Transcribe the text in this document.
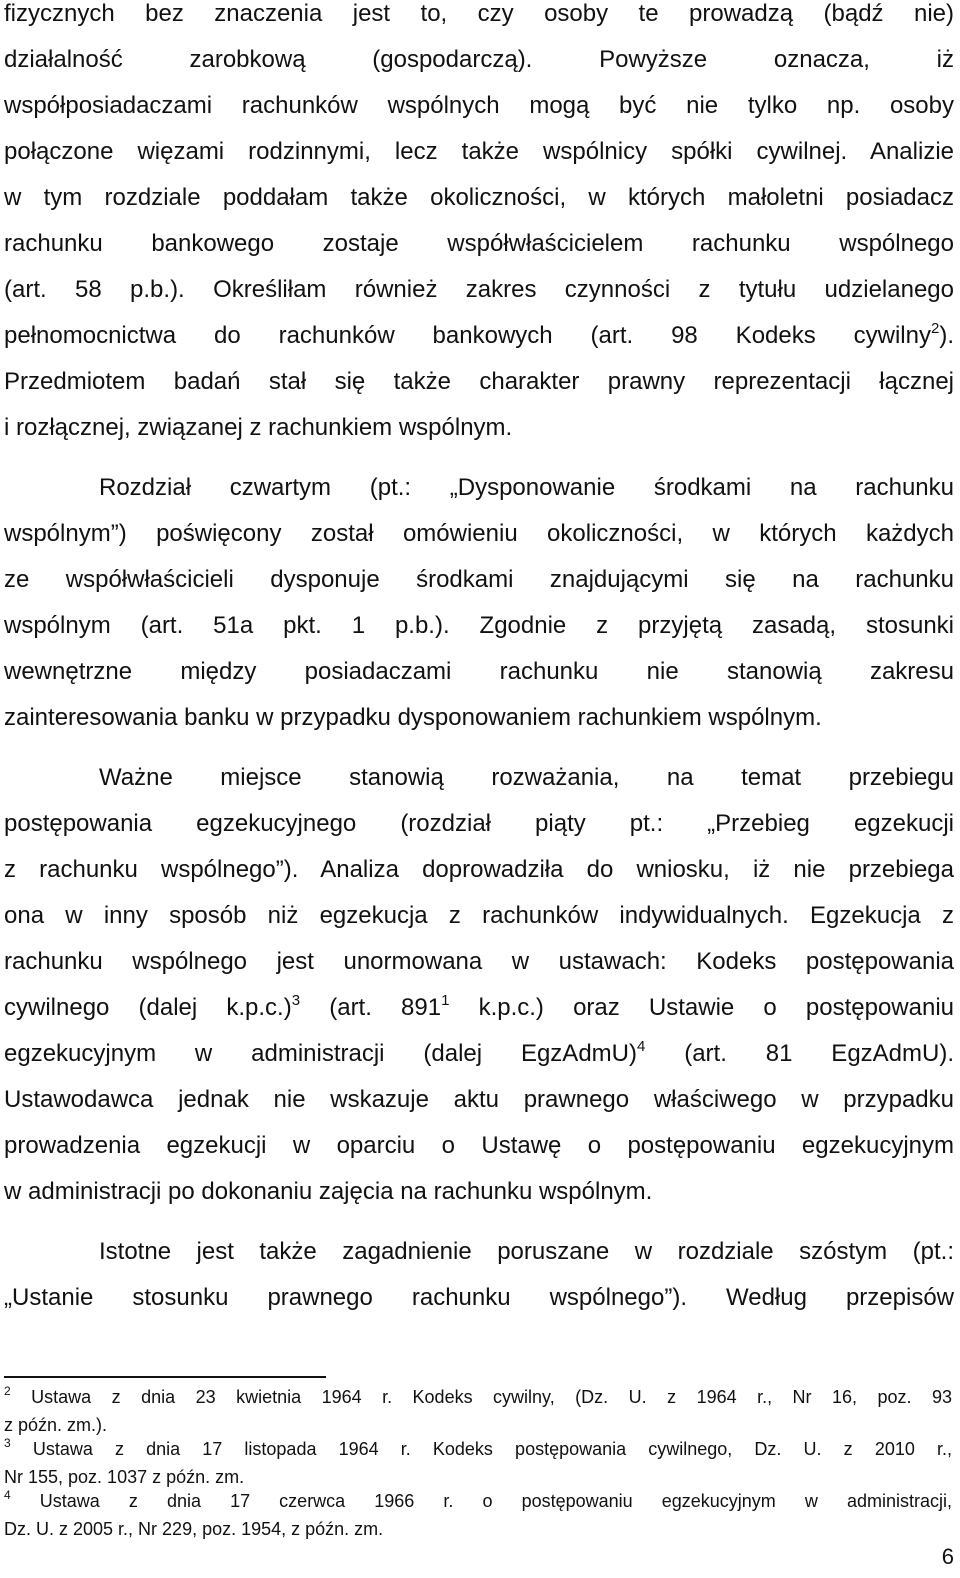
fizycznych bez znaczenia jest to, czy osoby te prowadzą (bądź nie)
działalność zarobkową (gospodarczą). Powyższe oznacza, iż
współposiadaczami rachunków wspólnych mogą być nie tylko np. osoby
połączone więzami rodzinnymi, lecz także wspólnicy spółki cywilnej. Analizie
w tym rozdziale poddałam także okoliczności, w których małoletni posiadacz
rachunku bankowego zostaje współwłaścicielem rachunku wspólnego
(art. 58 p.b.). Określiłam również zakres czynności z tytułu udzielanego
pełnomocnictwa do rachunków bankowych (art. 98 Kodeks cywilny$^2$).
Przedmiotem badań stał się także charakter prawny reprezentacji łącznej
i rozłącznej, związanej z rachunkiem wspólnym.
Rozdział czwartym (pt.: „Dysponowanie środkami na rachunku
wspólnym”) poświęcony został omówieniu okoliczności, w których każdych
ze współwłaścicieli dysponuje środkami znajdującymi się na rachunku
wspólnym (art. 51a pkt. 1 p.b.). Zgodnie z przyjętą zasadą, stosunki
wewnętrzne między posiadaczami rachunku nie stanowią zakresu
zainteresowania banku w przypadku dysponowaniem rachunkiem wspólnym.
Ważne miejsce stanowią rozważania, na temat przebiegu
postępowania egzekucyjnego (rozdział piąty pt.: „Przebieg egzekucji
z rachunku wspólnego”). Analiza doprowadziła do wniosku, iż nie przebiega
ona w inny sposób niż egzekucja z rachunków indywidualnych. Egzekucja z
rachunku wspólnego jest unormowana w ustawach: Kodeks postępowania
cywilnego (dalej k.p.c.)$^3$ (art. $891^1$ k.p.c.) oraz Ustawie o postępowaniu
egzekucyjnym w administracji (dalej EgzAdmU)$^4$ (art. 81 EgzAdmU).
Ustawodawca jednak nie wskazuje aktu prawnego właściwego w przypadku
prowadzenia egzekucji w oparciu o Ustawę o postępowaniu egzekucyjnym
w administracji po dokonaniu zajęcia na rachunku wspólnym.
Istotne jest także zagadnienie poruszane w rozdziale szóstym (pt.:
„Ustanie stosunku prawnego rachunku wspólnego”). Według przepisów
$^2$ Ustawa z dnia 23 kwietnia 1964 r. Kodeks cywilny, (Dz. U. z 1964 r., Nr 16, poz. 93
z późn. zm.).
$^3$ Ustawa z dnia 17 listopada 1964 r. Kodeks postępowania cywilnego, Dz. U. z 2010 r.,
Nr 155, poz. 1037 z późn. zm.
$^4$ Ustawa z dnia 17 czerwca 1966 r. o postępowaniu egzekucyjnym w administracji,
Dz. U. z 2005 r., Nr 229, poz. 1954, z późn. zm.
6
